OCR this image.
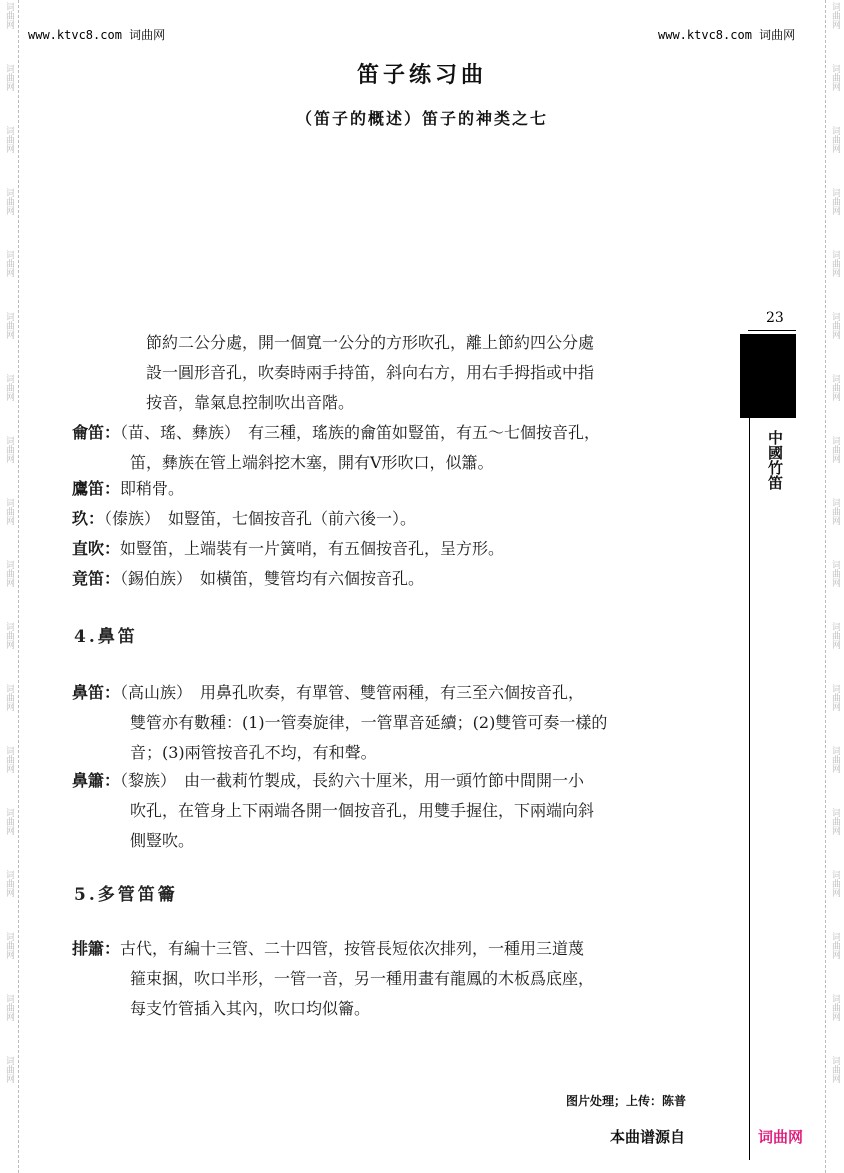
词曲网
词曲网
词曲网
词曲网
词曲网
词曲网
词曲网
词曲网
词曲网
词曲网
词曲网
词曲网
词曲网
词曲网
词曲网
词曲网
词曲网
词曲网
词曲网
词曲网
词曲网
词曲网
词曲网
词曲网
词曲网
词曲网
词曲网
词曲网
词曲网
词曲网
词曲网
词曲网
词曲网
词曲网
词曲网
词曲网
www.ktvc8.com 词曲网	www.ktvc8.com 词曲网
笛子练习曲
（笛子的概述）笛子的神类之七
23
中國竹笛
節約二公分處，開一個寬一公分的方形吹孔，離上節約四公分處
設一圓形音孔，吹奏時兩手持笛，斜向右方，用右手拇指或中指
按音，靠氣息控制吹出音階。
龠笛：（苗、瑤、彝族）　有三種，瑤族的龠笛如豎笛，有五～七個按音孔，
笛，彝族在管上端斜挖木塞，開有V形吹口，似簫。
鷹笛：即稍骨。
玖：（傣族）　如豎笛，七個按音孔（前六後一）。
直吹：如豎笛，上端裝有一片簧哨，有五個按音孔，呈方形。
竟笛：（錫伯族）　如橫笛，雙管均有六個按音孔。
4.鼻笛
鼻笛：（高山族）　用鼻孔吹奏，有單管、雙管兩種，有三至六個按音孔，
雙管亦有數種：(1)一管奏旋律，一管單音延續；(2)雙管可奏一樣的
音；(3)兩管按音孔不均，有和聲。
鼻簫：（黎族）　由一截莉竹製成，長約六十厘米，用一頭竹節中間開一小
吹孔，在管身上下兩端各開一個按音孔，用雙手握住，下兩端向斜
側豎吹。
5.多管笛籥
排簫：古代，有編十三管、二十四管，按管長短依次排列，一種用三道蔑
箍束捆，吹口半形，一管一音，另一種用畫有龍鳳的木板爲底座，
每支竹管插入其內，吹口均似籥。
图片处理；上传：陈普
本曲谱源自	词曲网
